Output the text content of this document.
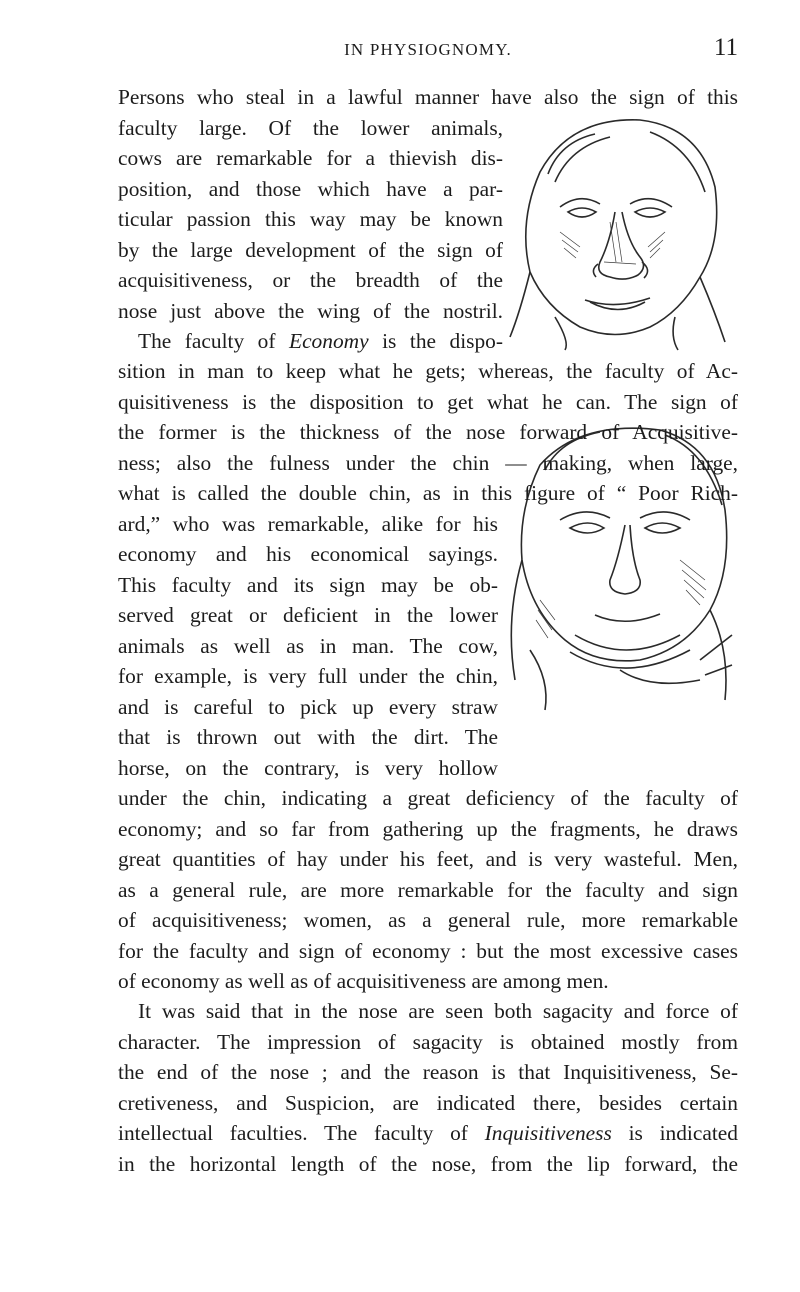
IN PHYSIOGNOMY.	11
Persons who steal in a lawful manner have also the sign of this
faculty large. Of the lower animals,
cows are remarkable for a thievish dis-
position, and those which have a par-
ticular passion this way may be known
by the large development of the sign of
acquisitiveness, or the breadth of the
nose just above the wing of the nostril.
The faculty of Economy is the dispo-
sition in man to keep what he gets; whereas, the faculty of Ac-
quisitiveness is the disposition to get what he can. The sign of
the former is the thickness of the nose forward of Acquisitive-
ness; also the fulness under the chin — making, when large,
what is called the double chin, as in this figure of “ Poor Rich-
ard,” who was remarkable, alike for his
economy and his economical sayings.
This faculty and its sign may be ob-
served great or deficient in the lower
animals as well as in man. The cow,
for example, is very full under the chin,
and is careful to pick up every straw
that is thrown out with the dirt. The
horse, on the contrary, is very hollow
under the chin, indicating a great deficiency of the faculty of
economy; and so far from gathering up the fragments, he draws
great quantities of hay under his feet, and is very wasteful. Men,
as a general rule, are more remarkable for the faculty and sign
of acquisitiveness; women, as a general rule, more remarkable
for the faculty and sign of economy : but the most excessive cases
of economy as well as of acquisitiveness are among men.
It was said that in the nose are seen both sagacity and force of
character. The impression of sagacity is obtained mostly from
the end of the nose ; and the reason is that Inquisitiveness, Se-
cretiveness, and Suspicion, are indicated there, besides certain
intellectual faculties. The faculty of Inquisitiveness is indicated
in the horizontal length of the nose, from the lip forward, the
